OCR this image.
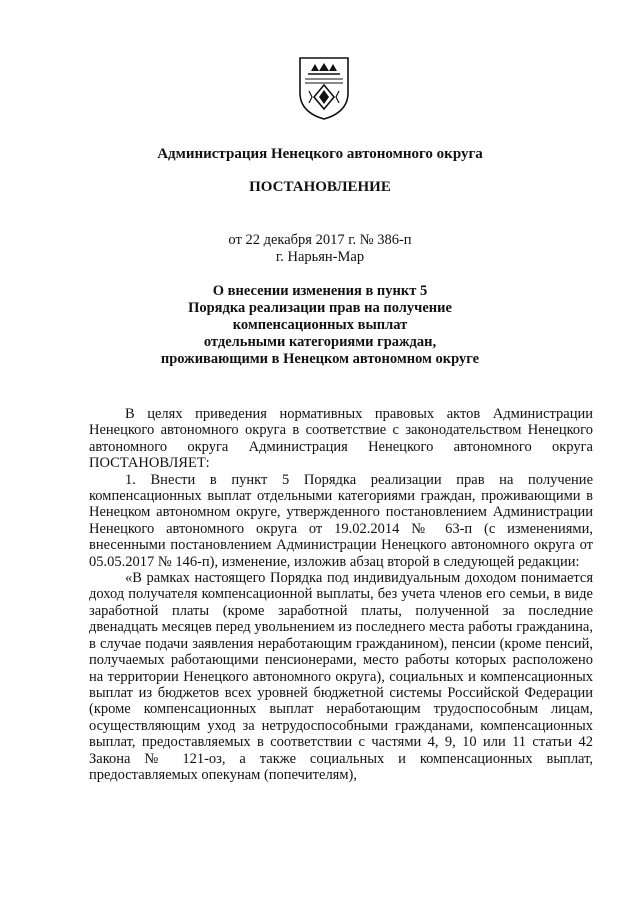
Администрация Ненецкого автономного округа
ПОСТАНОВЛЕНИЕ
от 22 декабря 2017 г. № 386-п
г. Нарьян-Мар
О внесении изменения в пункт 5
Порядка реализации прав на получение
компенсационных выплат
отдельными категориями граждан,
проживающими в Ненецком автономном округе

В целях приведения нормативных правовых актов Администрации Ненецкого автономного округа в соответствие с законодательством Ненецкого автономного округа Администрация Ненецкого автономного округа ПОСТАНОВЛЯЕТ:

1. Внести в пункт 5 Порядка реализации прав на получение компенсационных выплат отдельными категориями граждан, проживающими в Ненецком автономном округе, утвержденного постановлением Администрации Ненецкого автономного округа от 19.02.2014 № 63-п (с изменениями, внесенными постановлением Администрации Ненецкого автономного округа от 05.05.2017 № 146-п), изменение, изложив абзац второй в следующей редакции:

«В рамках настоящего Порядка под индивидуальным доходом понимается доход получателя компенсационной выплаты, без учета членов его семьи, в виде заработной платы (кроме заработной платы, полученной за последние двенадцать месяцев перед увольнением из последнего места работы гражданина, в случае подачи заявления неработающим гражданином), пенсии (кроме пенсий, получаемых работающими пенсионерами, место работы которых расположено на территории Ненецкого автономного округа), социальных и компенсационных выплат из бюджетов всех уровней бюджетной системы Российской Федерации (кроме компенсационных выплат неработающим трудоспособным лицам, осуществляющим уход за нетрудоспособными гражданами, компенсационных выплат, предоставляемых в соответствии с частями 4, 9, 10 или 11 статьи 42 Закона № 121-оз, а также социальных и компенсационных выплат, предоставляемых опекунам (попечителям),
